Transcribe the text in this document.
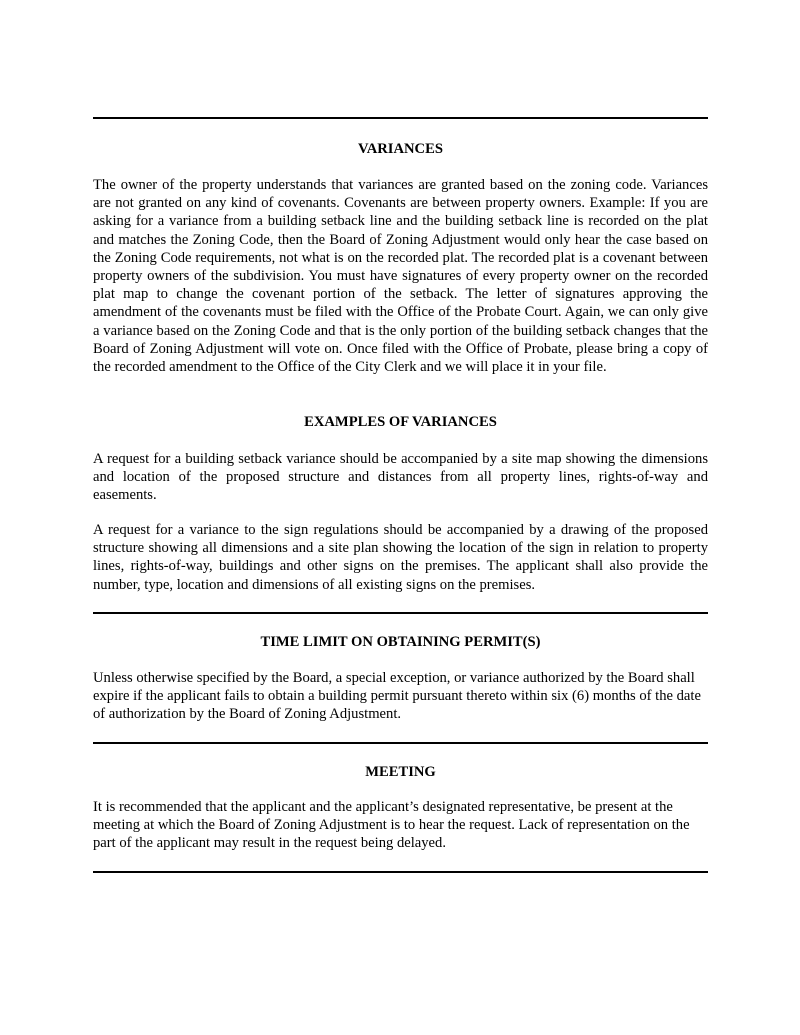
VARIANCES

The owner of the property understands that variances are granted based on the zoning code. Variances are not granted on any kind of covenants. Covenants are between property owners. Example: If you are asking for a variance from a building setback line and the building setback line is recorded on the plat and matches the Zoning Code, then the Board of Zoning Adjustment would only hear the case based on the Zoning Code requirements, not what is on the recorded plat. The recorded plat is a covenant between property owners of the subdivision. You must have signatures of every property owner on the recorded plat map to change the covenant portion of the setback. The letter of signatures approving the amendment of the covenants must be filed with the Office of the Probate Court. Again, we can only give a variance based on the Zoning Code and that is the only portion of the building setback changes that the Board of Zoning Adjustment will vote on. Once filed with the Office of Probate, please bring a copy of the recorded amendment to the Office of the City Clerk and we will place it in your file.

EXAMPLES OF VARIANCES

A request for a building setback variance should be accompanied by a site map showing the dimensions and location of the proposed structure and distances from all property lines, rights-of-way and easements.

A request for a variance to the sign regulations should be accompanied by a drawing of the proposed structure showing all dimensions and a site plan showing the location of the sign in relation to property lines, rights-of-way, buildings and other signs on the premises. The applicant shall also provide the number, type, location and dimensions of all existing signs on the premises.

TIME LIMIT ON OBTAINING PERMIT(S)

Unless otherwise specified by the Board, a special exception, or variance authorized by the Board shall expire if the applicant fails to obtain a building permit pursuant thereto within six (6) months of the date of authorization by the Board of Zoning Adjustment.

MEETING

It is recommended that the applicant and the applicant’s designated representative, be present at the meeting at which the Board of Zoning Adjustment is to hear the request. Lack of representation on the part of the applicant may result in the request being delayed.
